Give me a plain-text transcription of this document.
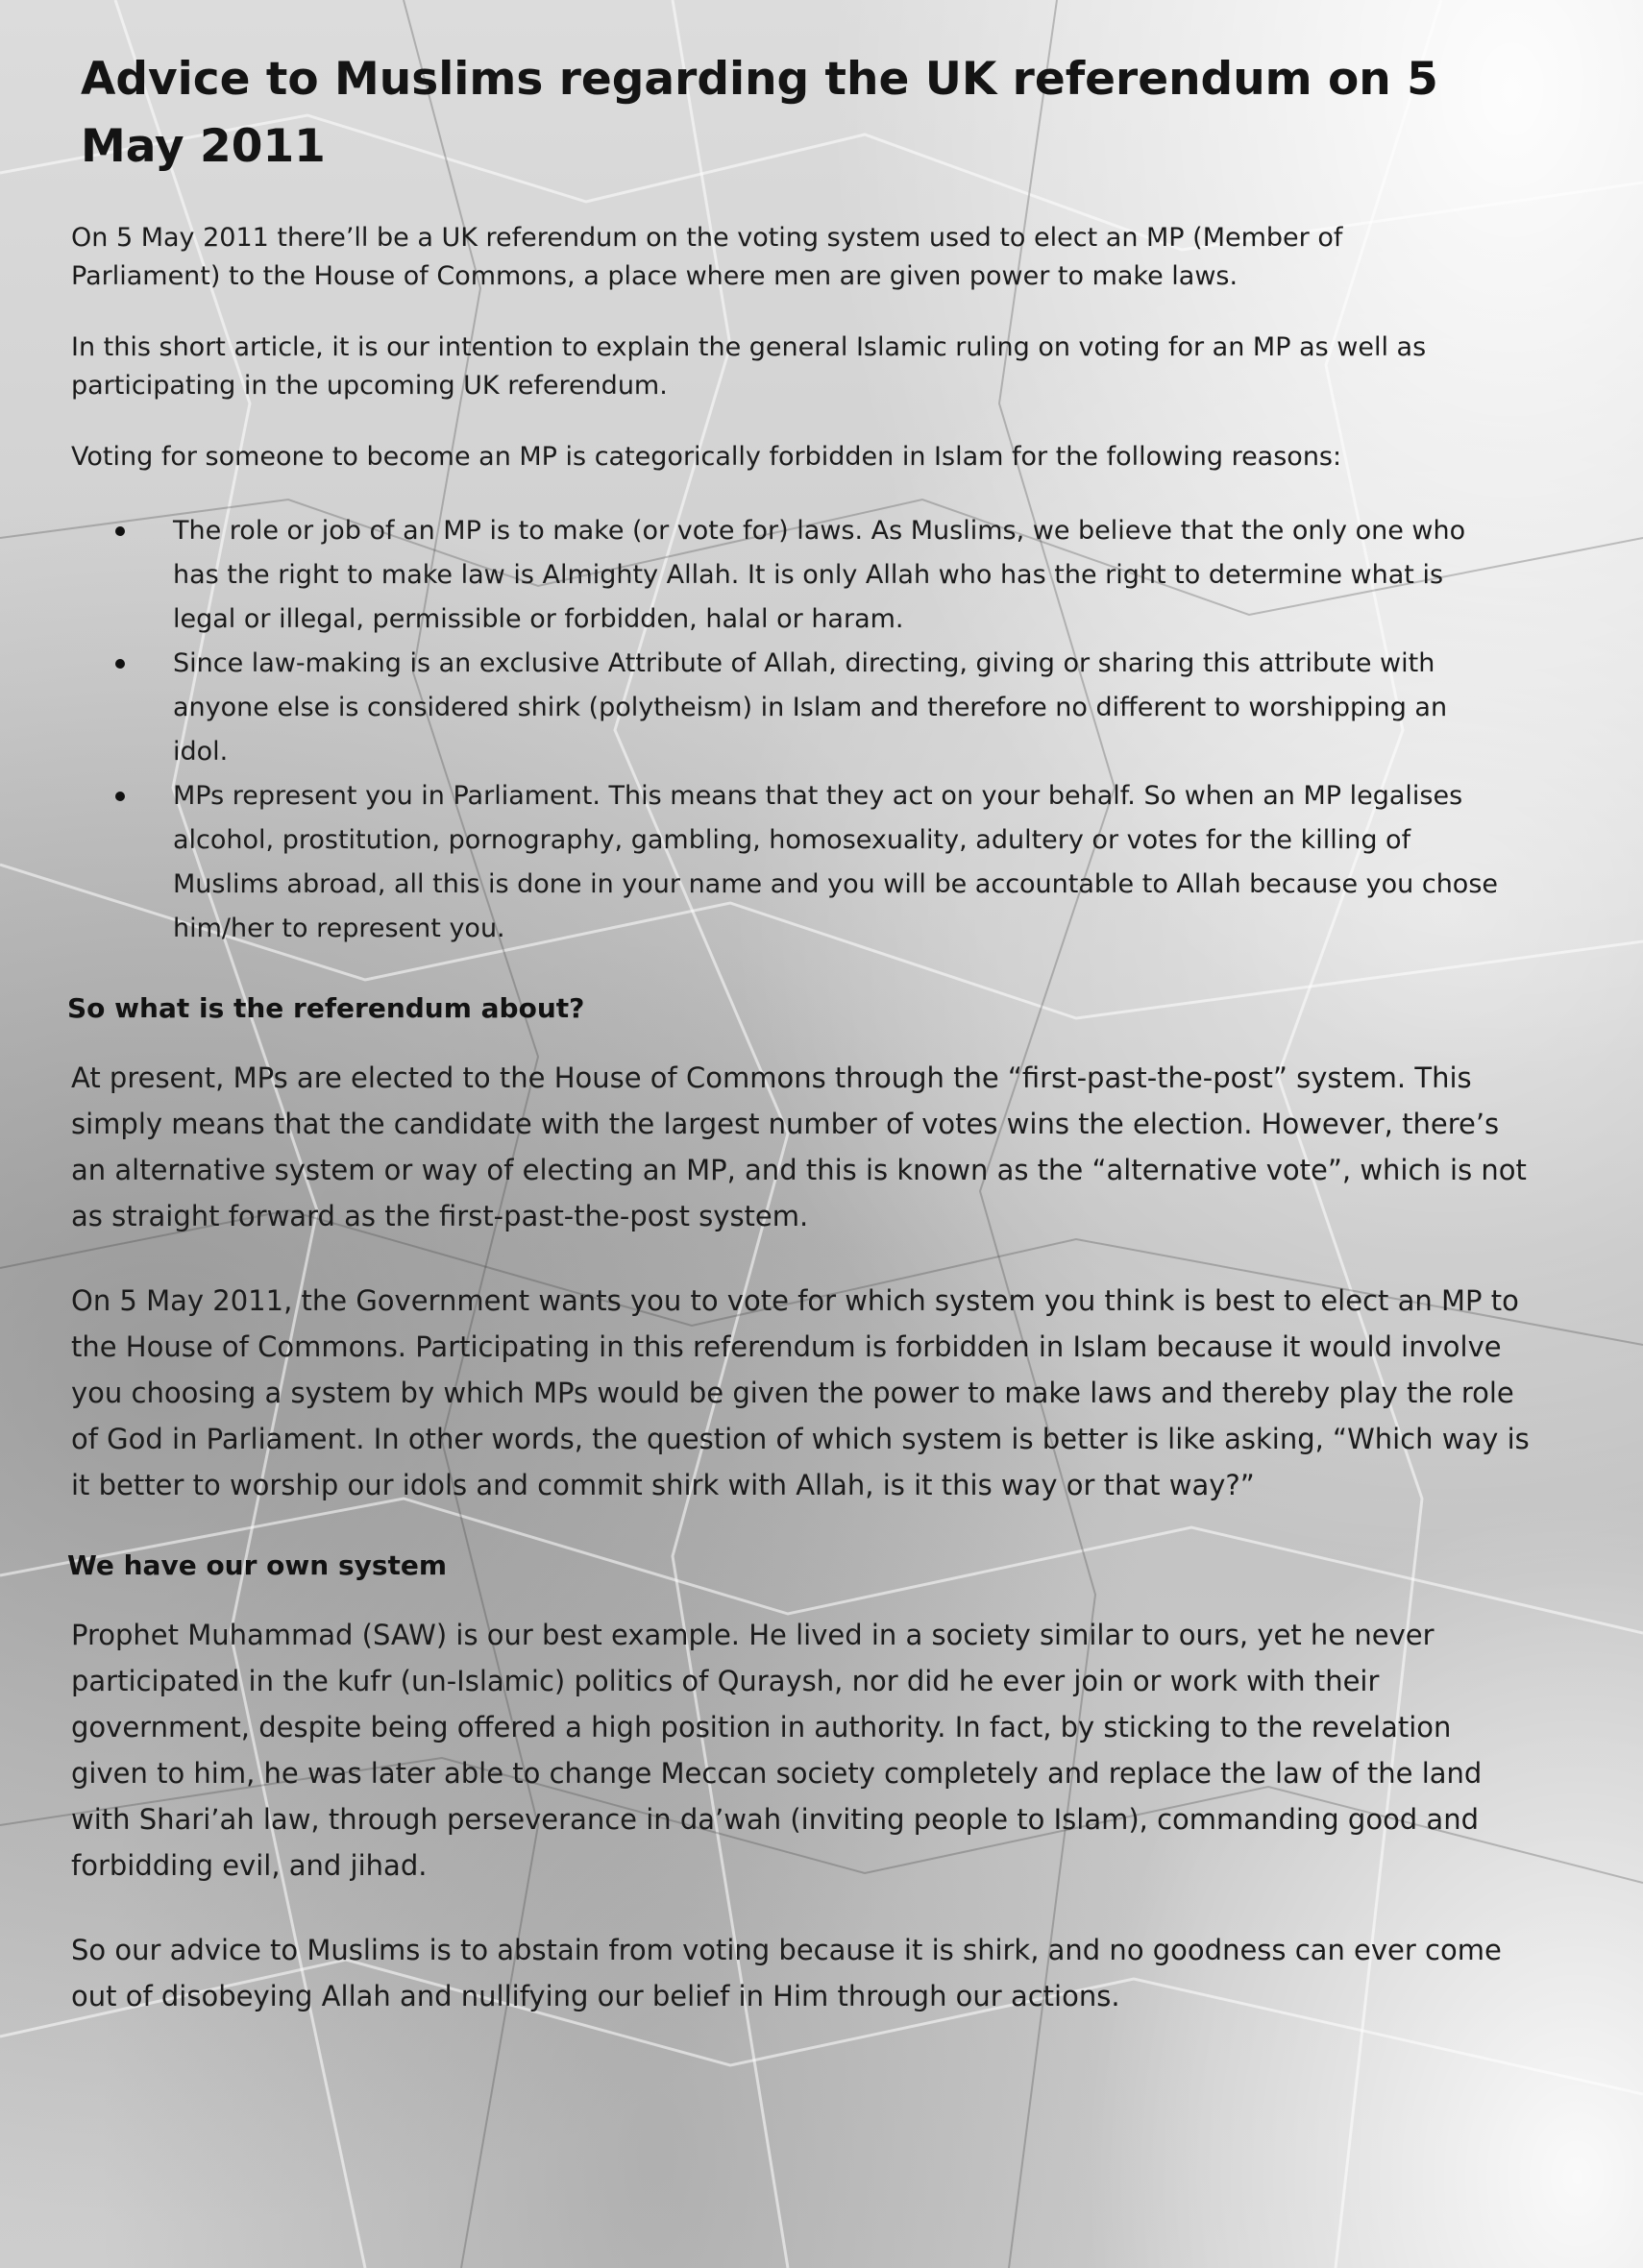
Advice to Muslims regarding the UK referendum on 5 May 2011

On 5 May 2011 there’ll be a UK referendum on the voting system used to elect an MP (Member of Parliament) to the House of Commons, a place where men are given power to make laws.

In this short article, it is our intention to explain the general Islamic ruling on voting for an MP as well as participating in the upcoming UK referendum.

Voting for someone to become an MP is categorically forbidden in Islam for the following reasons:

The role or job of an MP is to make (or vote for) laws. As Muslims, we believe that the only one who has the right to make law is Almighty Allah. It is only Allah who has the right to determine what is legal or illegal, permissible or forbidden, halal or haram.
Since law-making is an exclusive Attribute of Allah, directing, giving or sharing this attribute with anyone else is considered shirk (polytheism) in Islam and therefore no different to worshipping an idol.
MPs represent you in Parliament. This means that they act on your behalf. So when an MP legalises alcohol, prostitution, pornography, gambling, homosexuality, adultery or votes for the killing of Muslims abroad, all this is done in your name and you will be accountable to Allah because you chose him/her to represent you.
So what is the referendum about?

At present, MPs are elected to the House of Commons through the “first-past-the-post” system. This simply means that the candidate with the largest number of votes wins the election. However, there’s an alternative system or way of electing an MP, and this is known as the “alternative vote”, which is not as straight forward as the first-past-the-post system.

On 5 May 2011, the Government wants you to vote for which system you think is best to elect an MP to the House of Commons. Participating in this referendum is forbidden in Islam because it would involve you choosing a system by which MPs would be given the power to make laws and thereby play the role of God in Parliament. In other words, the question of which system is better is like asking, “Which way is it better to worship our idols and commit shirk with Allah, is it this way or that way?”

We have our own system

Prophet Muhammad (SAW) is our best example. He lived in a society similar to ours, yet he never participated in the kufr (un-Islamic) politics of Quraysh, nor did he ever join or work with their government, despite being offered a high position in authority. In fact, by sticking to the revelation given to him, he was later able to change Meccan society completely and replace the law of the land with Shari’ah law, through perseverance in da’wah (inviting people to Islam), commanding good and forbidding evil, and jihad.

So our advice to Muslims is to abstain from voting because it is shirk, and no goodness can ever come out of disobeying Allah and nullifying our belief in Him through our actions.
